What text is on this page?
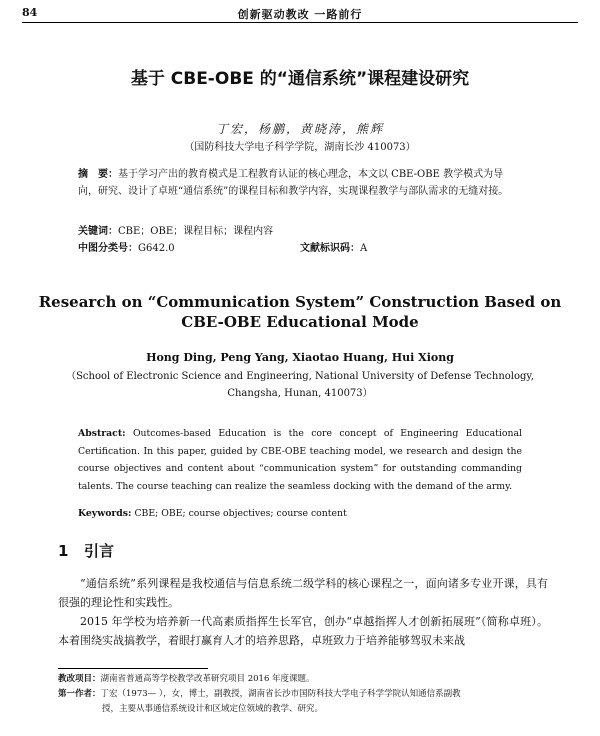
84	创新驱动教改 一路前行
基于 CBE-OBE 的“通信系统”课程建设研究
丁宏，杨鹏，黄晓涛，熊辉
（国防科技大学电子科学学院，湖南长沙 410073）
摘　要：基于学习产出的教育模式是工程教育认证的核心理念，本文以 CBE-OBE 教学模式为导向，研究、设计了卓班“通信系统”的课程目标和教学内容，实现课程教学与部队需求的无缝对接。
关键词：CBE；OBE；课程目标；课程内容
中图分类号：G642.0	文献标识码：A
Research on “Communication System” Construction Based on
CBE-OBE Educational Mode
Hong Ding, Peng Yang, Xiaotao Huang, Hui Xiong
（School of Electronic Science and Engineering, National University of Defense Technology,
Changsha, Hunan, 410073）
Abstract: Outcomes-based Education is the core concept of Engineering Educational Certification. In this paper, guided by CBE-OBE teaching model, we research and design the course objectives and content about “communication system” for outstanding commanding talents. The course teaching can realize the seamless docking with the demand of the army.
Keywords: CBE; OBE; course objectives; course content
1 引言

“通信系统”系列课程是我校通信与信息系统二级学科的核心课程之一，面向诸多专业开课，具有很强的理论性和实践性。

2015 年学校为培养新一代高素质指挥生长军官，创办“卓越指挥人才创新拓展班”（简称卓班）。本着围绕实战搞教学，着眼打赢育人才的培养思路，卓班致力于培养能够驾驭未来战

教改项目：湖南省普通高等学校教学改革研究项目 2016 年度课题。

第一作者：丁宏（1973— ），女，博士，副教授，湖南省长沙市国防科技大学电子科学学院认知通信系副教

授，主要从事通信系统设计和区域定位领域的教学、研究。
